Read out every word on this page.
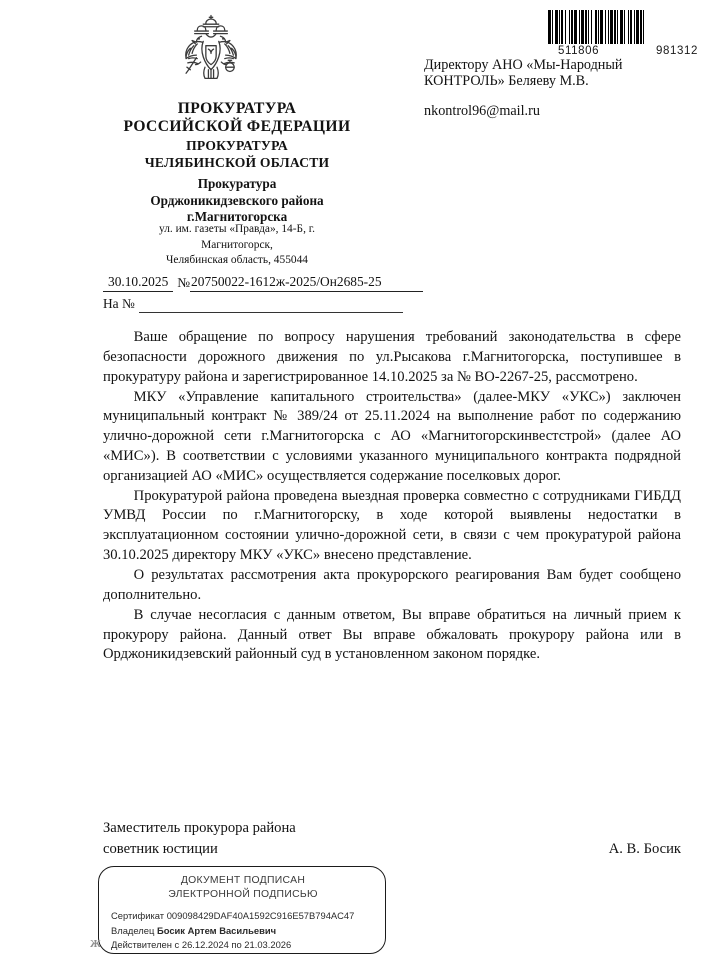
511806	981312
Директору АНО «Мы-Народный
КОНТРОЛЬ» Беляеву М.В.
nkontrol96@mail.ru
ПРОКУРАТУРА
РОССИЙСКОЙ ФЕДЕРАЦИИ
ПРОКУРАТУРА
ЧЕЛЯБИНСКОЙ ОБЛАСТИ
Прокуратура
Орджоникидзевского района
г.Магнитогорска
ул. им. газеты «Правда», 14-Б, г.
Магнитогорск,
Челябинская область, 455044
30.10.2025 № 20750022-1612ж-2025/Он2685-25
На №

Ваше обращение по вопросу нарушения требований законодательства в сфере безопасности дорожного движения по ул.Рысакова г.Магнитогорска, поступившее в прокуратуру района и зарегистрированное 14.10.2025 за № ВО-2267-25, рассмотрено.

МКУ «Управление капитального строительства» (далее-МКУ «УКС») заключен муниципальный контракт № 389/24 от 25.11.2024 на выполнение работ по содержанию улично-дорожной сети г.Магнитогорска с АО «Магнитогорскинвестстрой» (далее АО «МИС»). В соответствии с условиями указанного муниципального контракта подрядной организацией АО «МИС» осуществляется содержание поселковых дорог.

Прокуратурой района проведена выездная проверка совместно с сотрудниками ГИБДД УМВД России по г.Магнитогорску, в ходе которой выявлены недостатки в эксплуатационном состоянии улично-дорожной сети, в связи с чем прокуратурой района 30.10.2025 директору МКУ «УКС» внесено представление.

О результатах рассмотрения акта прокурорского реагирования Вам будет сообщено дополнительно.

В случае несогласия с данным ответом, Вы вправе обратиться на личный прием к прокурору района. Данный ответ Вы вправе обжаловать прокурору района или в Орджоникидзевский районный суд в установленном законом порядке.

Заместитель прокурора района
советник юстиции	А. В. Босик
ДОКУМЕНТ ПОДПИСАН
ЭЛЕКТРОННОЙ ПОДПИСЬЮ
Сертификат 009098429DAF40A1592C916E57B794AC47
Владелец Босик Артем Васильевич
Действителен с 26.12.2024 по 21.03.2026
Ж
